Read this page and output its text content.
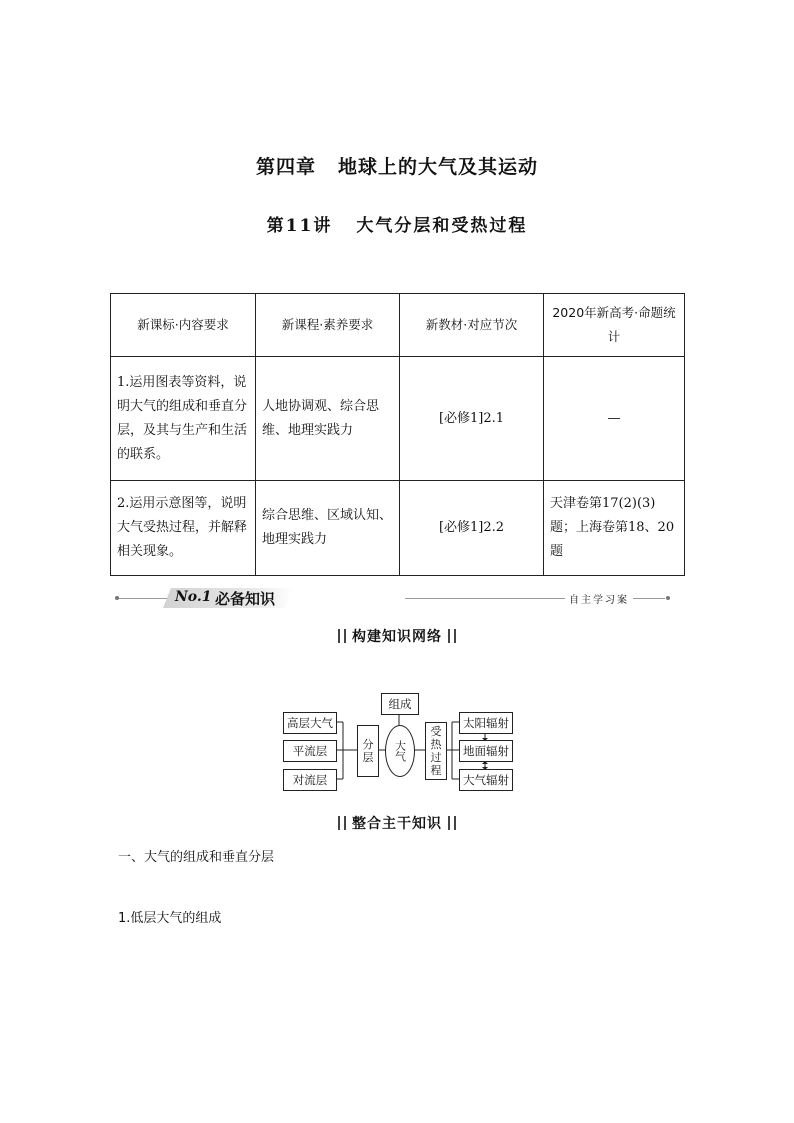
第四章 地球上的大气及其运动
第11讲 大气分层和受热过程
新课标·内容要求	新课程·素养要求	新教材·对应节次	2020年新高考·命题统计
1.运用图表等资料，说明大气的组成和垂直分层，及其与生产和生活的联系。	人地协调观、综合思维、地理实践力	[必修1]2.1	—
2.运用示意图等，说明大气受热过程，并解释相关现象。	综合思维、区域认知、地理实践力	[必修1]2.2	天津卷第17(2)(3)题；上海卷第18、20题
No.1 必备知识	自主学习案
构建知识网络
高层大气
平流层
对流层
分层
组成
大气
受热过程
太阳辐射
地面辐射
大气辐射
整合主干知识
一、大气的组成和垂直分层
1.低层大气的组成
